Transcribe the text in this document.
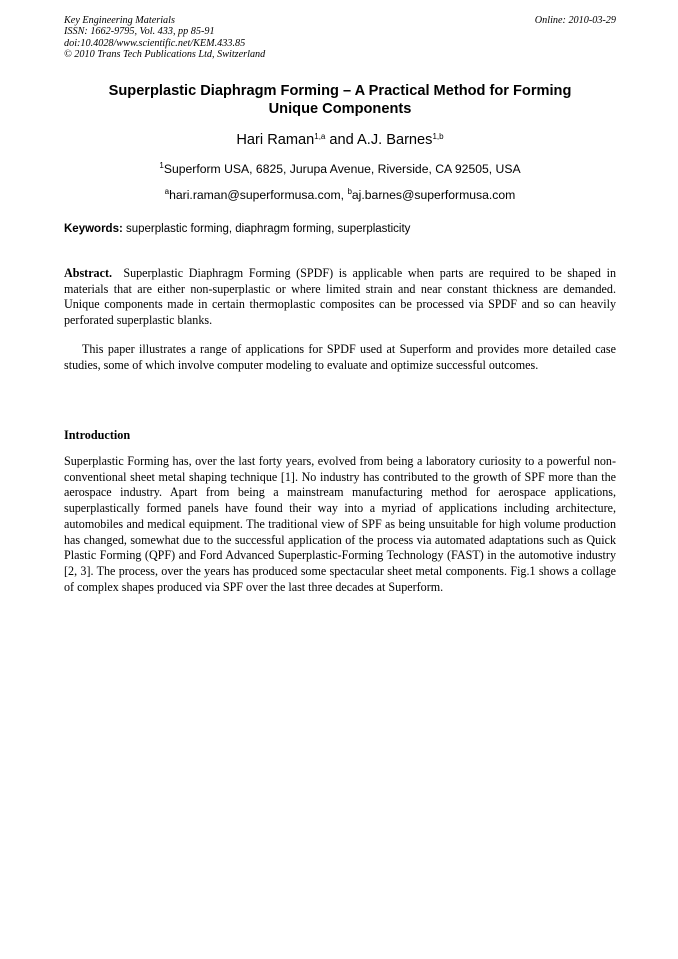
Key Engineering Materials
ISSN: 1662-9795, Vol. 433, pp 85-91
doi:10.4028/www.scientific.net/KEM.433.85
© 2010 Trans Tech Publications Ltd, Switzerland
Online: 2010-03-29
Superplastic Diaphragm Forming – A Practical Method for Forming
Unique Components
Hari Raman$^{1,a}$ and A.J. Barnes$^{1,b}$
$^1$Superform USA, 6825, Jurupa Avenue, Riverside, CA 92505, USA
$^a$hari.raman@superformusa.com, $^b$aj.barnes@superformusa.com
Keywords: superplastic forming, diaphragm forming, superplasticity
Abstract.  Superplastic Diaphragm Forming (SPDF) is applicable when parts are required to be shaped in materials that are either non-superplastic or where limited strain and near constant thickness are demanded.  Unique components made in certain thermoplastic composites can be processed via SPDF and so can heavily perforated superplastic blanks.
This paper illustrates a range of applications for SPDF used at Superform and provides more detailed case studies, some of which involve computer modeling to evaluate and optimize successful outcomes.
Introduction
Superplastic Forming has, over the last forty years, evolved from being a laboratory curiosity to a powerful non- conventional sheet metal shaping technique [1]. No industry has contributed to the growth of SPF more than the aerospace industry. Apart from being a mainstream manufacturing method for aerospace applications, superplastically formed panels have found their way into a myriad of applications including architecture, automobiles and medical equipment. The traditional view of SPF as being unsuitable for high volume production has changed, somewhat due to the successful application of the process via automated adaptations such as Quick Plastic Forming (QPF) and Ford Advanced Superplastic-Forming Technology (FAST) in the automotive industry [2, 3]. The process, over the years has produced some spectacular sheet metal components. Fig.1 shows a collage of complex shapes produced via SPF over the last three decades at Superform.
